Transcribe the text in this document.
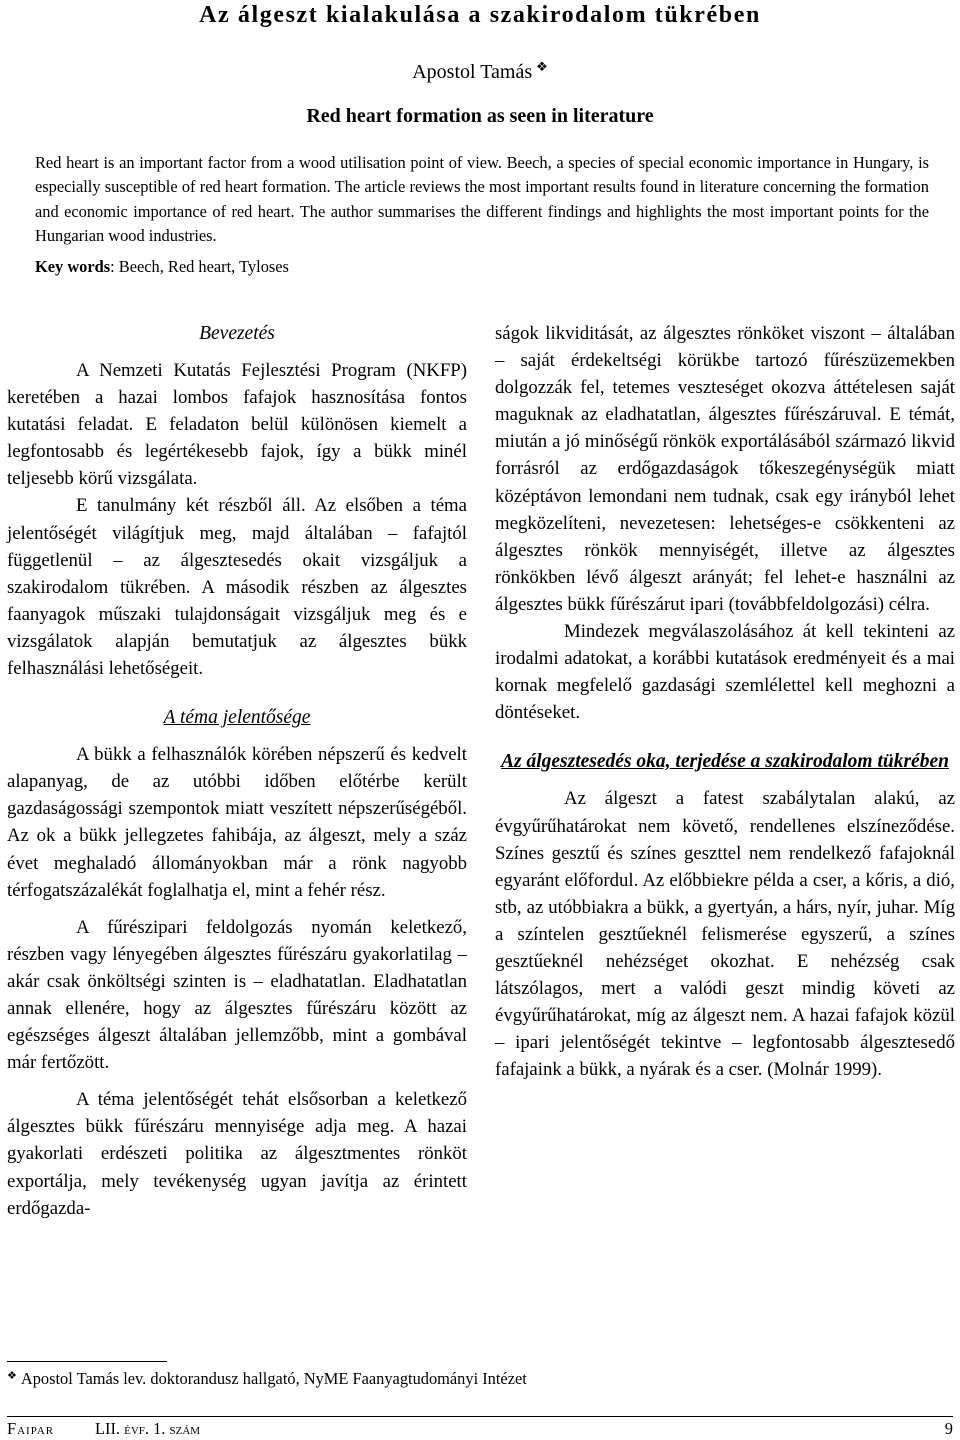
Az álgeszt kialakulása a szakirodalom tükrében
Apostol Tamás ❖
Red heart formation as seen in literature
Red heart is an important factor from a wood utilisation point of view. Beech, a species of special economic importance in Hungary, is especially susceptible of red heart formation. The article reviews the most important results found in literature concerning the formation and economic importance of red heart. The author summarises the different findings and highlights the most important points for the Hungarian wood industries.
Key words: Beech, Red heart, Tyloses
Bevezetés

A Nemzeti Kutatás Fejlesztési Program (NKFP) keretében a hazai lombos fafajok hasznosítása fontos kutatási feladat. E feladaton belül különösen kiemelt a legfontosabb és legértékesebb fajok, így a bükk minél teljesebb körű vizsgálata.

E tanulmány két részből áll. Az elsőben a téma jelentőségét világítjuk meg, majd általában – fafajtól függetlenül – az álgesztesedés okait vizsgáljuk a szakirodalom tükrében. A második részben az álgesztes faanyagok műszaki tulajdonságait vizsgáljuk meg és e vizsgálatok alapján bemutatjuk az álgesztes bükk felhasználási lehetőségeit.

A téma jelentősége

A bükk a felhasználók körében népszerű és kedvelt alapanyag, de az utóbbi időben előtérbe került gazdaságossági szempontok miatt veszített népszerűségéből. Az ok a bükk jellegzetes fahibája, az álgeszt, mely a száz évet meghaladó állományokban már a rönk nagyobb térfogatszázalékát foglalhatja el, mint a fehér rész.

A fűrészipari feldolgozás nyomán keletkező, részben vagy lényegében álgesztes fűrészáru gyakorlatilag – akár csak önköltségi szinten is – eladhatatlan. Eladhatatlan annak ellenére, hogy az álgesztes fűrészáru között az egészséges álgeszt általában jellemzőbb, mint a gombával már fertőzött.

A téma jelentőségét tehát elsősorban a keletkező álgesztes bükk fűrészáru mennyisége adja meg. A hazai gyakorlati erdészeti politika az álgesztmentes rönköt exportálja, mely tevékenység ugyan javítja az érintett erdőgazda-

ságok likviditását, az álgesztes rönköket viszont – általában – saját érdekeltségi körükbe tartozó fűrészüzemekben dolgozzák fel, tetemes veszteséget okozva áttételesen saját maguknak az eladhatatlan, álgesztes fűrészáruval. E témát, miután a jó minőségű rönkök exportálásából származó likvid forrásról az erdőgazdaságok tőkeszegénységük miatt középtávon lemondani nem tudnak, csak egy irányból lehet megközelíteni, nevezetesen: lehetséges-e csökkenteni az álgesztes rönkök mennyiségét, illetve az álgesztes rönkökben lévő álgeszt arányát; fel lehet-e használni az álgesztes bükk fűrészárut ipari (továbbfeldolgozási) célra.

Mindezek megválaszolásához át kell tekinteni az irodalmi adatokat, a korábbi kutatások eredményeit és a mai kornak megfelelő gazdasági szemlélettel kell meghozni a döntéseket.

Az álgesztesedés oka, terjedése a szakirodalom tükrében

Az álgeszt a fatest szabálytalan alakú, az évgyűrűhatárokat nem követő, rendellenes elszíneződése. Színes gesztű és színes geszttel nem rendelkező fafajoknál egyaránt előfordul. Az előbbiekre példa a cser, a kőris, a dió, stb, az utóbbiakra a bükk, a gyertyán, a hárs, nyír, juhar. Míg a színtelen gesztűeknél felismerése egyszerű, a színes gesztűeknél nehézséget okozhat. E nehézség csak látszólagos, mert a valódi geszt mindig követi az évgyűrűhatárokat, míg az álgeszt nem. A hazai fafajok közül – ipari jelentőségét tekintve – legfontosabb álgesztesedő fafajaink a bükk, a nyárak és a cser. (Molnár 1999).

❖ Apostol Tamás lev. doktorandusz hallgató, NyME Faanyagtudományi Intézet
Faipar LII. évf. 1. szám	9
